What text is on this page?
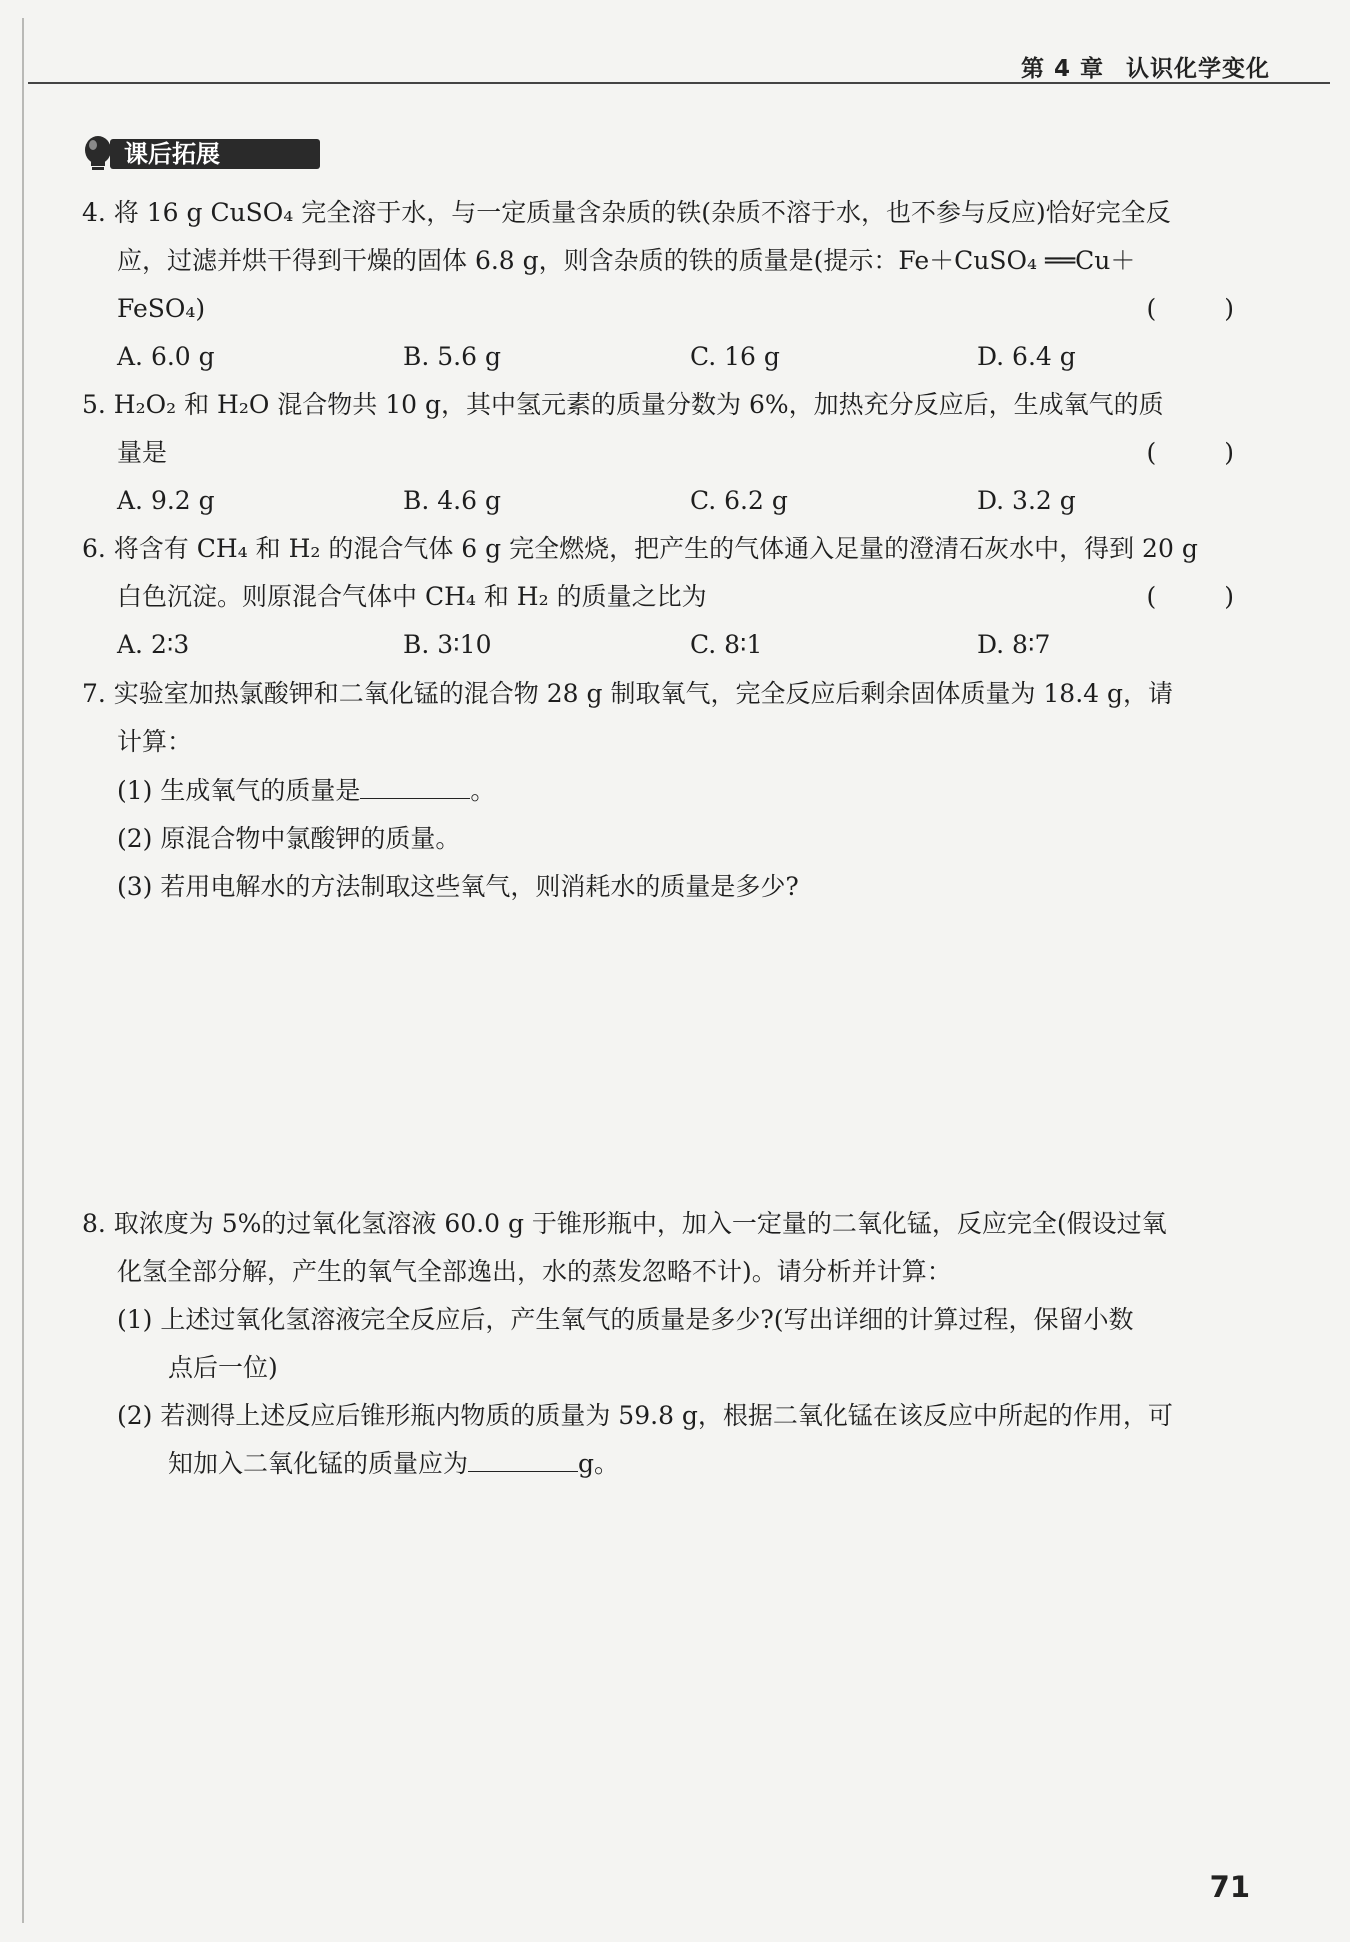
第 4 章 认识化学变化
课后拓展
4. 将 16 g CuSO₄ 完全溶于水，与一定质量含杂质的铁(杂质不溶于水，也不参与反应)恰好完全反
应，过滤并烘干得到干燥的固体 6.8 g，则含杂质的铁的质量是(提示：Fe＋CuSO₄ ══Cu＋
FeSO₄)	( )
A. 6.0 g	B. 5.6 g	C. 16 g	D. 6.4 g
5. H₂O₂ 和 H₂O 混合物共 10 g，其中氢元素的质量分数为 6%，加热充分反应后，生成氧气的质
量是	( )
A. 9.2 g	B. 4.6 g	C. 6.2 g	D. 3.2 g
6. 将含有 CH₄ 和 H₂ 的混合气体 6 g 完全燃烧，把产生的气体通入足量的澄清石灰水中，得到 20 g
白色沉淀。则原混合气体中 CH₄ 和 H₂ 的质量之比为	( )
A. 2∶3	B. 3∶10	C. 8∶1	D. 8∶7
7. 实验室加热氯酸钾和二氧化锰的混合物 28 g 制取氧气，完全反应后剩余固体质量为 18.4 g，请
计算：
(1) 生成氧气的质量是	。
(2) 原混合物中氯酸钾的质量。
(3) 若用电解水的方法制取这些氧气，则消耗水的质量是多少?
8. 取浓度为 5%的过氧化氢溶液 60.0 g 于锥形瓶中，加入一定量的二氧化锰，反应完全(假设过氧
化氢全部分解，产生的氧气全部逸出，水的蒸发忽略不计)。请分析并计算：
(1) 上述过氧化氢溶液完全反应后，产生氧气的质量是多少?(写出详细的计算过程，保留小数
点后一位)
(2) 若测得上述反应后锥形瓶内物质的质量为 59.8 g，根据二氧化锰在该反应中所起的作用，可
知加入二氧化锰的质量应为	g。
71
